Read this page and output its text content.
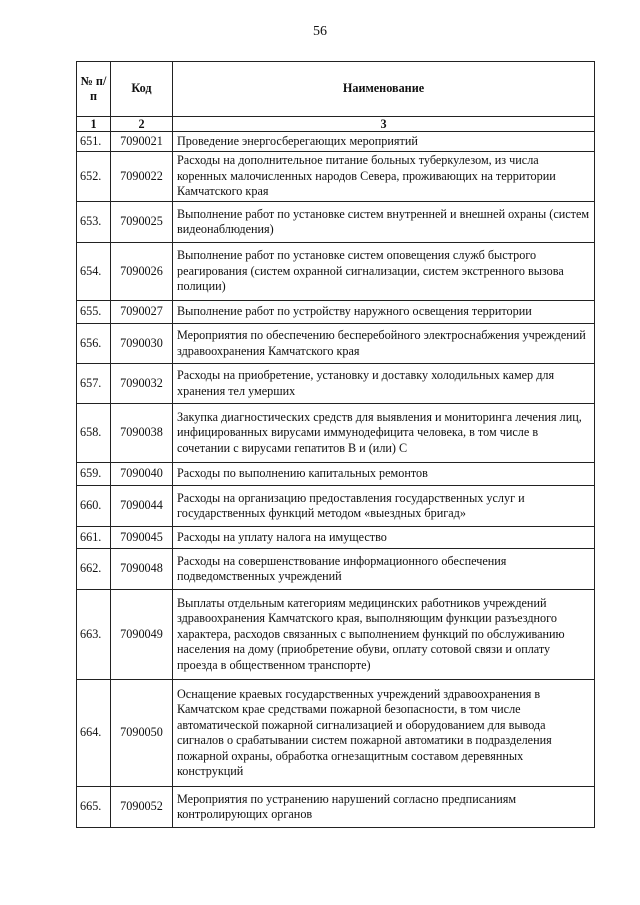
56
№ п/п	Код	Наименование
1	2	3
651.	7090021	Проведение энергосберегающих мероприятий
652.	7090022	Расходы на дополнительное питание больных туберкулезом, из числа коренных малочисленных народов Севера, проживающих на территории Камчатского края
653.	7090025	Выполнение работ по установке систем внутренней и внешней охраны (систем видеонаблюдения)
654.	7090026	Выполнение работ по установке систем оповещения служб быстрого реагирования (систем охранной сигнализации, систем экстренного вызова полиции)
655.	7090027	Выполнение работ по устройству наружного освещения территории
656.	7090030	Мероприятия по обеспечению бесперебойного электроснабжения учреждений здравоохранения Камчатского края
657.	7090032	Расходы на приобретение, установку и доставку холодильных камер для хранения тел умерших
658.	7090038	Закупка диагностических средств для выявления и мониторинга лечения лиц, инфицированных вирусами иммунодефицита человека, в том числе в сочетании с вирусами гепатитов В и (или) С
659.	7090040	Расходы по выполнению капитальных ремонтов
660.	7090044	Расходы на организацию предоставления государственных услуг и государственных функций методом «выездных бригад»
661.	7090045	Расходы на уплату налога на имущество
662.	7090048	Расходы на совершенствование информационного обеспечения подведомственных учреждений
663.	7090049	Выплаты отдельным категориям медицинских работников учреждений здравоохранения Камчатского края, выполняющим функции разъездного характера, расходов связанных с выполнением функций по обслуживанию населения на дому (приобретение обуви, оплату сотовой связи и оплату проезда в общественном транспорте)
664.	7090050	Оснащение краевых государственных учреждений здравоохранения в Камчатском крае средствами пожарной безопасности, в том числе автоматической пожарной сигнализацией и оборудованием для вывода сигналов о срабатывании систем пожарной автоматики в подразделения пожарной охраны, обработка огнезащитным составом деревянных конструкций
665.	7090052	Мероприятия по устранению нарушений согласно предписаниям контролирующих органов
